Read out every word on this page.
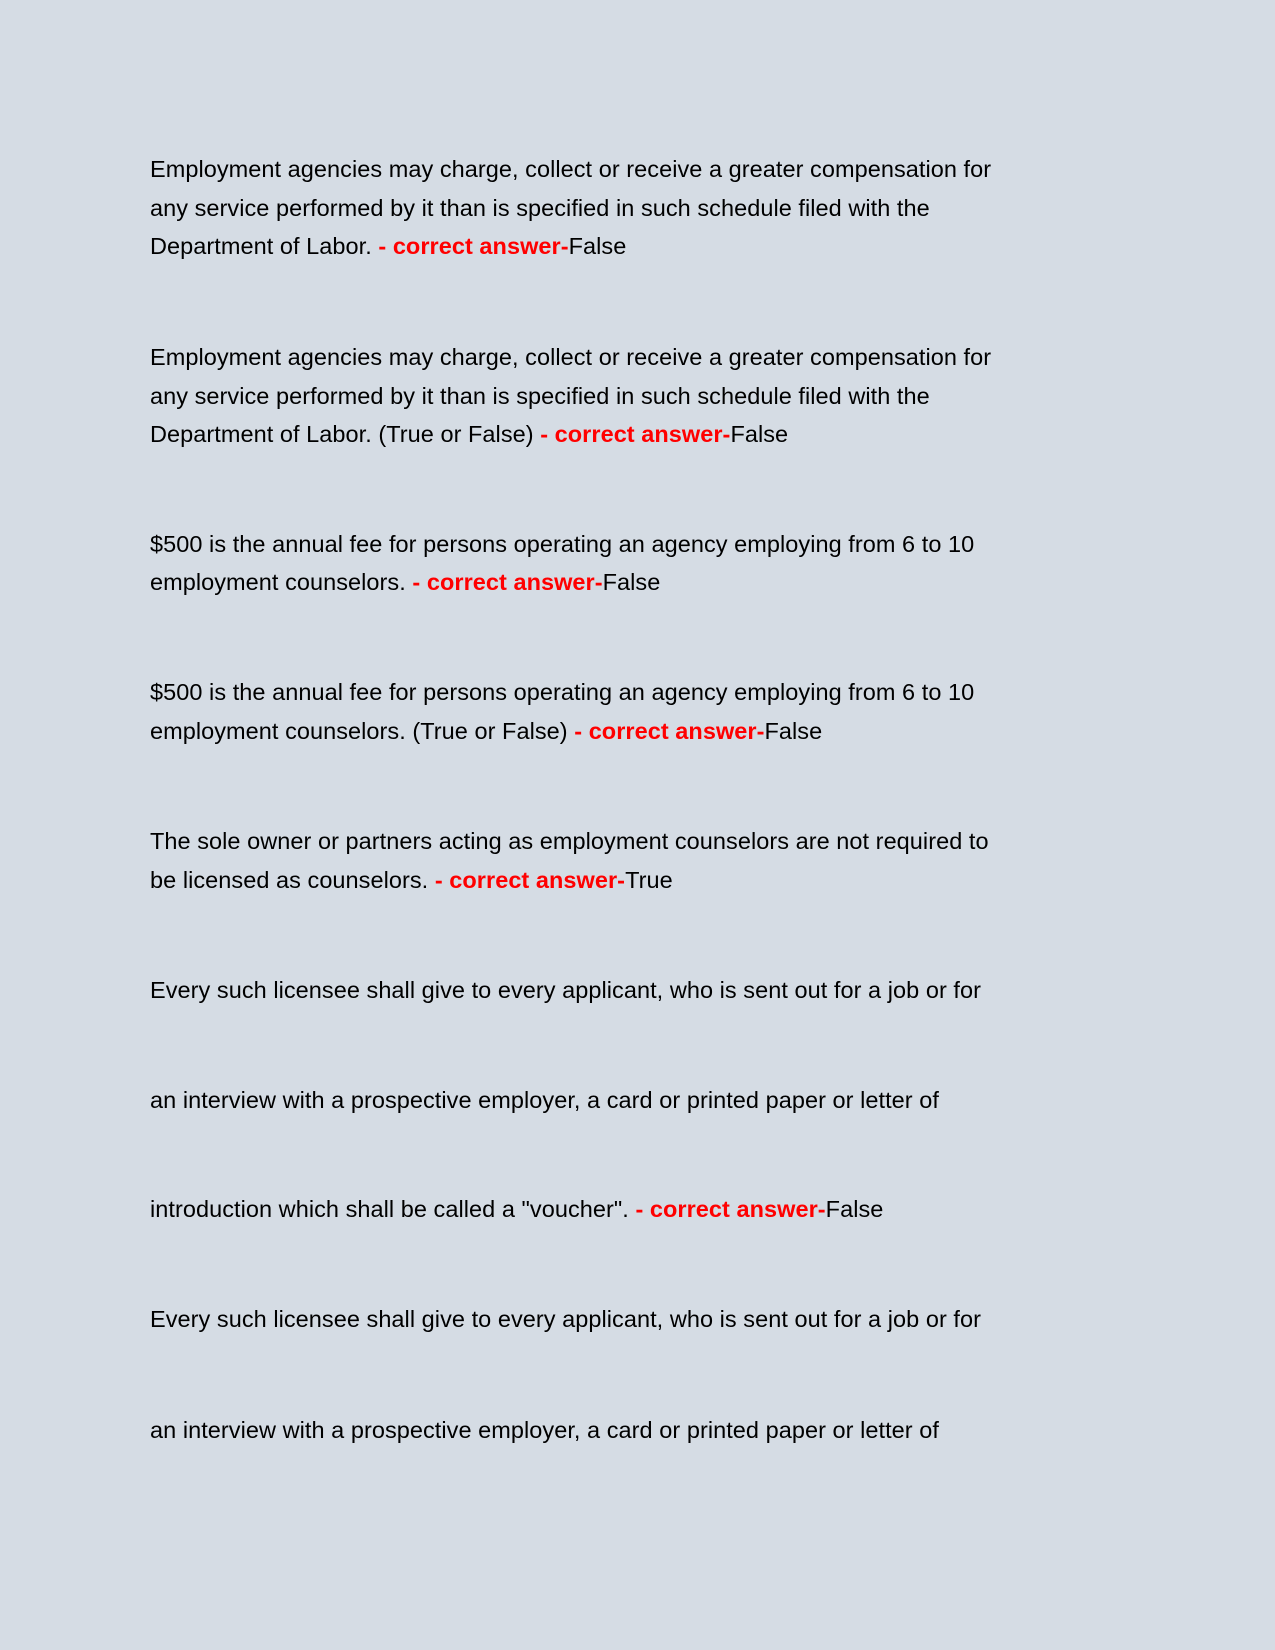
Employment agencies may charge, collect or receive a greater compensation for
any service performed by it than is specified in such schedule filed with the
Department of Labor. - correct answer-False
Employment agencies may charge, collect or receive a greater compensation for
any service performed by it than is specified in such schedule filed with the
Department of Labor. (True or False) - correct answer-False
$500 is the annual fee for persons operating an agency employing from 6 to 10
employment counselors. - correct answer-False
$500 is the annual fee for persons operating an agency employing from 6 to 10
employment counselors. (True or False) - correct answer-False
The sole owner or partners acting as employment counselors are not required to
be licensed as counselors. - correct answer-True
Every such licensee shall give to every applicant, who is sent out for a job or for
an interview with a prospective employer, a card or printed paper or letter of
introduction which shall be called a "voucher". - correct answer-False
Every such licensee shall give to every applicant, who is sent out for a job or for
an interview with a prospective employer, a card or printed paper or letter of
